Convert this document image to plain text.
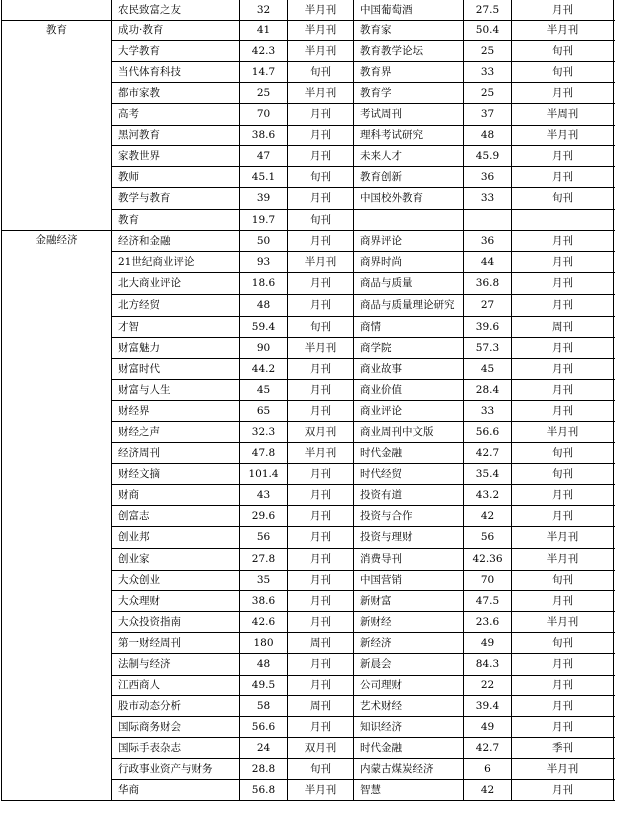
	农民致富之友	32	半月刊	中国葡萄酒	27.5	月刊
教育	成功·教育	41	半月刊	教育家	50.4	半月刊
	大学教育	42.3	半月刊	教育教学论坛	25	旬刊
	当代体育科技	14.7	旬刊	教育界	33	旬刊
	都市家教	25	半月刊	教育学	25	月刊
	高考	70	月刊	考试周刊	37	半周刊
	黑河教育	38.6	月刊	理科考试研究	48	半月刊
	家教世界	47	月刊	未来人才	45.9	月刊
	教师	45.1	旬刊	教育创新	36	月刊
	教学与教育	39	月刊	中国校外教育	33	旬刊
	教育	19.7	旬刊			
金融经济	经济和金融	50	月刊	商界评论	36	月刊
	21世纪商业评论	93	半月刊	商界时尚	44	月刊
	北大商业评论	18.6	月刊	商品与质量	36.8	月刊
	北方经贸	48	月刊	商品与质量理论研究	27	月刊
	才智	59.4	旬刊	商情	39.6	周刊
	财富魅力	90	半月刊	商学院	57.3	月刊
	财富时代	44.2	月刊	商业故事	45	月刊
	财富与人生	45	月刊	商业价值	28.4	月刊
	财经界	65	月刊	商业评论	33	月刊
	财经之声	32.3	双月刊	商业周刊中文版	56.6	半月刊
	经济周刊	47.8	半月刊	时代金融	42.7	旬刊
	财经文摘	101.4	月刊	时代经贸	35.4	旬刊
	财商	43	月刊	投资有道	43.2	月刊
	创富志	29.6	月刊	投资与合作	42	月刊
	创业邦	56	月刊	投资与理财	56	半月刊
	创业家	27.8	月刊	消费导刊	42.36	半月刊
	大众创业	35	月刊	中国营销	70	旬刊
	大众理财	38.6	月刊	新财富	47.5	月刊
	大众投资指南	42.6	月刊	新财经	23.6	半月刊
	第一财经周刊	180	周刊	新经济	49	旬刊
	法制与经济	48	月刊	新晨会	84.3	月刊
	江西商人	49.5	月刊	公司理财	22	月刊
	股市动态分析	58	周刊	艺术财经	39.4	月刊
	国际商务财会	56.6	月刊	知识经济	49	月刊
	国际手表杂志	24	双月刊	时代金融	42.7	季刊
	行政事业资产与财务	28.8	旬刊	内蒙古煤炭经济	6	半月刊
	华商	56.8	半月刊	智慧	42	月刊
